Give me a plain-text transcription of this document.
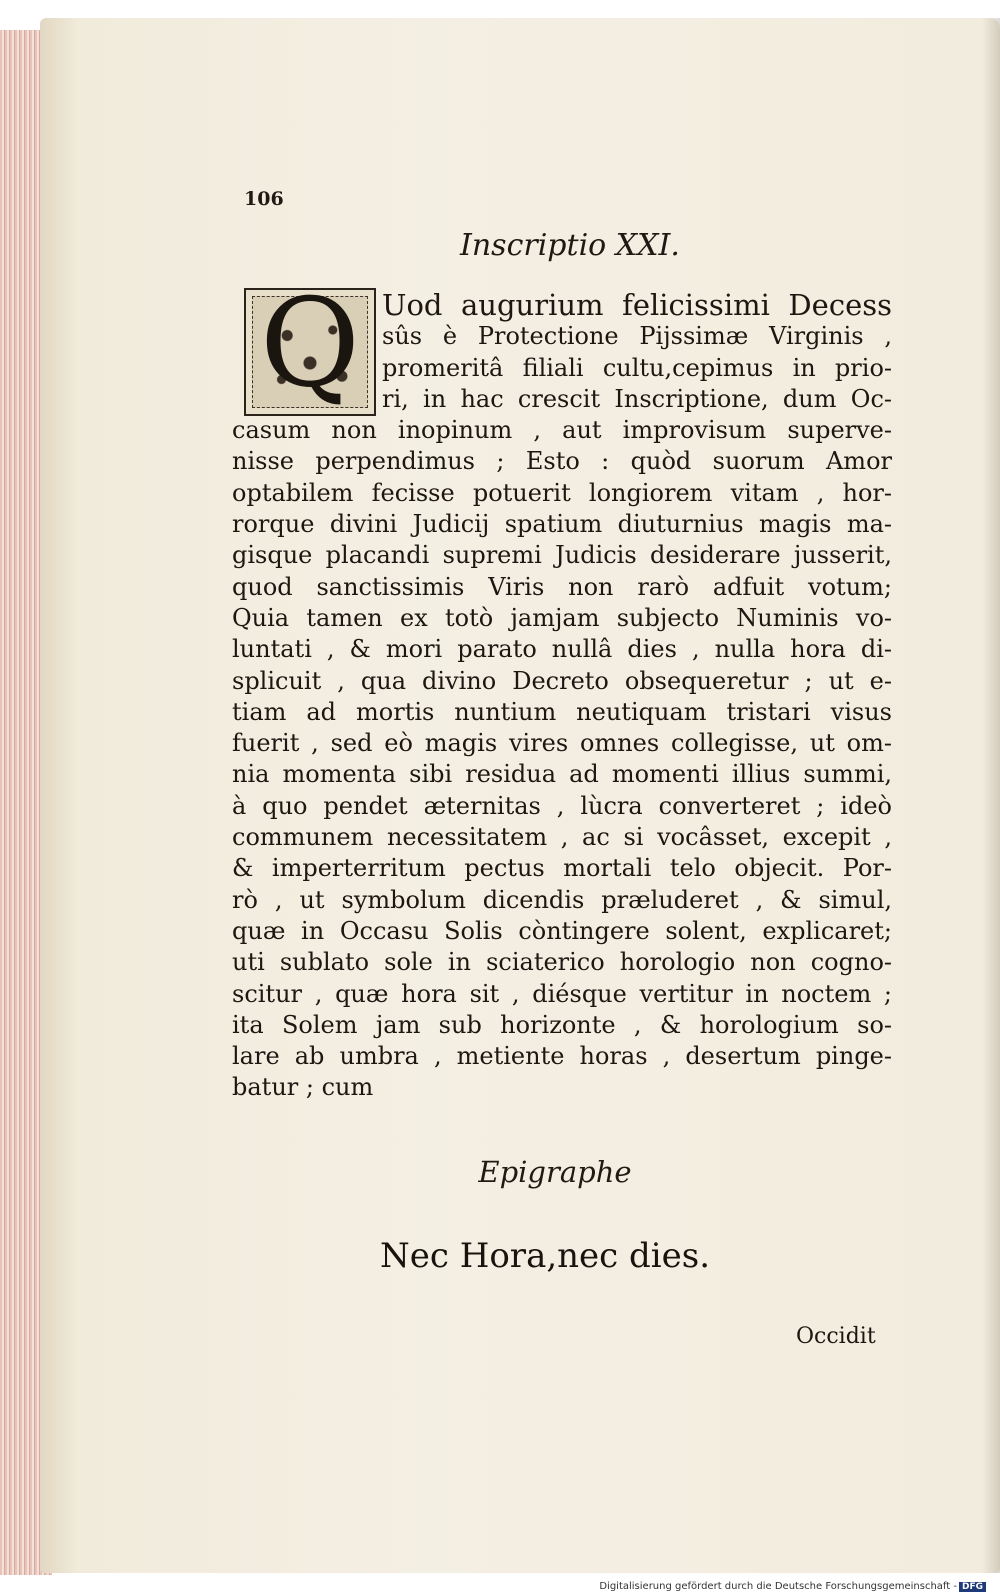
106
Inscriptio XXI.
Q Uod augurium felicissimi Decess
sûs è Protectione Pijssimæ Virginis ,
promeritâ filiali cultu,cepimus in prio-
ri, in hac crescit Inscriptione, dum Oc-
casum non inopinum , aut improvisum superve-
nisse perpendimus ; Esto : quòd suorum Amor
optabilem fecisse potuerit longiorem vitam , hor-
rorque divini Judicij spatium diuturnius magis ma-
gisque placandi supremi Judicis desiderare jusserit,
quod sanctissimis Viris non rarò adfuit votum;
Quia tamen ex totò jamjam subjecto Numinis vo-
luntati , & mori parato nullâ dies , nulla hora di-
splicuit , qua divino Decreto obsequeretur ; ut e-
tiam ad mortis nuntium neutiquam tristari visus
fuerit , sed eò magis vires omnes collegisse, ut om-
nia momenta sibi residua ad momenti illius summi,
à quo pendet æternitas , lùcra converteret ; ideò
communem necessitatem , ac si vocâsset, excepit ,
& imperterritum pectus mortali telo objecit. Por-
rò , ut symbolum dicendis præluderet , & simul,
quæ in Occasu Solis còntingere solent, explicaret;
uti sublato sole in sciaterico horologio non cogno-
scitur , quæ hora sit , diésque vertitur in noctem ;
ita Solem jam sub horizonte , & horologium so-
lare ab umbra , metiente horas , desertum pinge-
batur ; cum
Epigraphe
Nec Hora,nec dies.
Occidit
Digitalisierung gefördert durch die Deutsche Forschungsgemeinschaft - DFG
